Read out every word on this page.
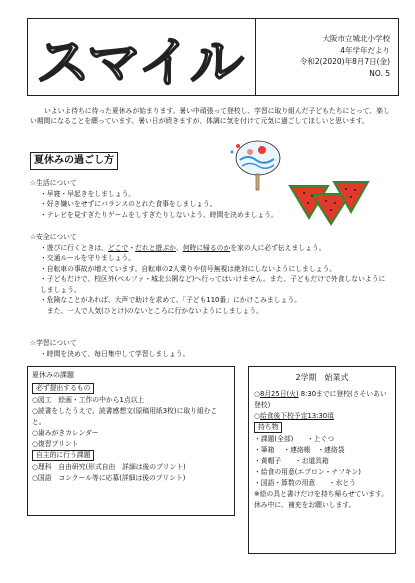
スマイル	大阪市立城北小学校
4年学年だより
令和2(2020)年8月7日(金)
NO. 5
いよいよ待ちに待った夏休みが始まります。暑い中頑張って登校し、学習に取り組んだ子どもたちにとって、楽しい期間になることを願っています。暑い日が続きますが、体調に気を付けて元気に過ごしてほしいと思います。
夏休みの過ごし方
☆生活について
・早寝・早起きをしましょう。
・好き嫌いをせずにバランスのとれた食事をしましょう。
・テレビを見すぎたりゲームをしすぎたりしないよう、時間を決めましょう。
☆安全について
・遊びに行くときは、どこで・だれと遊ぶか、何時に帰るのかを家の人に必ず伝えましょう。
・交通ルールを守りましょう。
・自転車の事故が増えています。自転車の2人乗りや信号無視は絶対にしないようにしましょう。
・子どもだけで、校区外(ベルファ・城北公園など)へ行ってはいけません。また、子どもだけで外食しないようにしましょう。
・危険なことがあれば、大声で助けを求めて、「子ども110番」にかけこみましょう。
　また、一人で人気(ひとけ)のないところに行かないようにしましょう。
☆学習について
・時間を決めて、毎日集中して学習しましょう。
夏休みの課題
必ず提出するもの
○図工　絵画・工作の中から1点以上
○読書をしたうえで、読書感想文(原稿用紙3枚)に取り組むこと。
○歯みがきカレンダー
○復習プリント
自主的に行う課題
○理科　自由研究(形式自由　詳細は後のプリント)
○国語　コンクール等に応募(詳細は後のプリント)
2学期　始業式
○8月25日(火) 8:30までに登校(さそいあい登校)
○給食後下校予定13:30頃
持ち物
・課題(全部)　　・上ぐつ
・筆箱　 ・連絡帳　・連絡袋
・黄帽子　　・お道具箱
・給食の用意(エプロン・ナフキン)
・国語・算数の用意　　・水とう
※絵の具と書けだけを持ち帰らせています。休み中に、補充をお願いします。
